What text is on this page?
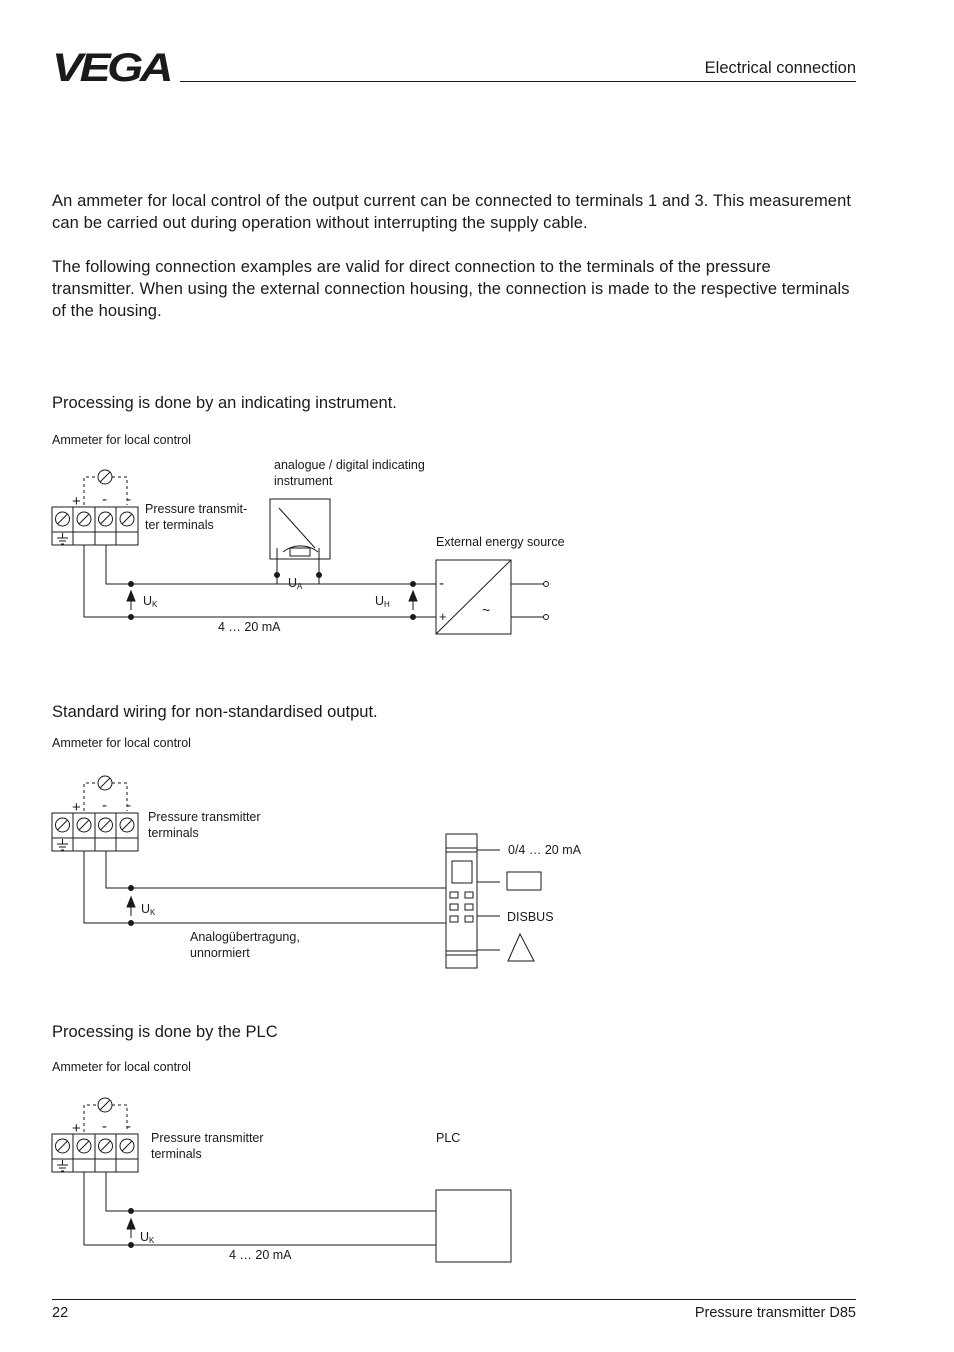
VEGA	Electrical connection
An ammeter for local control of the output current can be connected to terminals 1 and 3. This measurement can be carried out during operation without interrupting the supply cable.
The following connection examples are valid for direct connection to the terminals of the pressure transmitter. When using the external connection housing, the connection is made to the respective terminals of the housing.
Processing is done by an indicating instrument.
Ammeter for local control
+ - -
-
+	~
Pressure transmit-
ter terminals
analogue / digital indicating
instrument
External energy source
$U_K$
$U_A$
$U_H$
4 … 20 mA
Standard wiring for non-standardised output.
Ammeter for local control
+ - -
Pressure transmitter
terminals
$U_K$
Analogübertragung,
unnormiert
0/4 … 20 mA
DISBUS
Processing is done by the PLC
Ammeter for local control
+ - -
Pressure transmitter
terminals
PLC
$U_K$
4 … 20 mA
22	Pressure transmitter D85
